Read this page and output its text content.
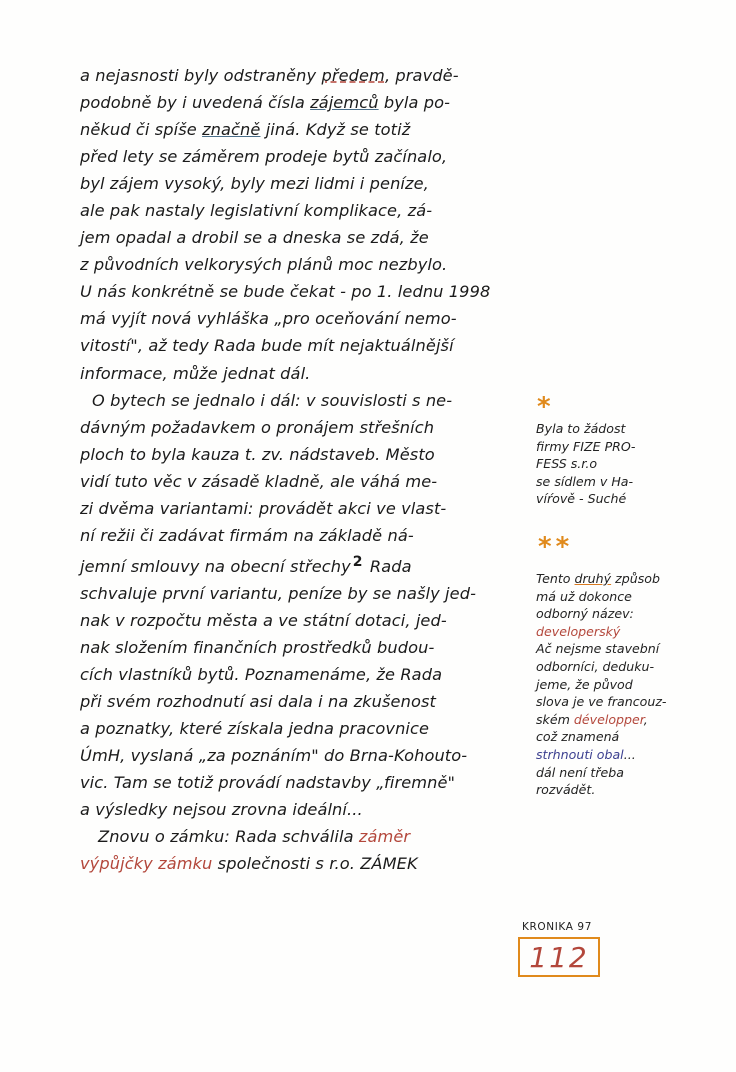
a nejasnosti byly odstraněny předem, pravdě-
podobně by i uvedená čísla zájemců byla po-
někud či spíše značně jiná. Když se totiž
před lety se záměrem prodeje bytů začínalo,
byl zájem vysoký, byly mezi lidmi i peníze,
ale pak nastaly legislativní komplikace, zá-
jem opadal a drobil se a dneska se zdá, že
z původních velkorysých plánů moc nezbylo.
U nás konkrétně se bude čekat - po 1. lednu 1998
má vyjít nová vyhláška „pro oceňování nemo-
vitostí", až tedy Rada bude mít nejaktuálnější
informace, může jednat dál.
O bytech se jednalo i dál: v souvislosti s ne-
dávným požadavkem o pronájem střešních
ploch to byla kauza t. zv. nádstaveb. Město
vidí tuto věc v zásadě kladně, ale váhá me-
zi dvěma variantami: provádět akci ve vlast-
ní režii či zadávat firmám na základě ná-
jemní smlouvy na obecní střechy 2 Rada
schvaluje první variantu, peníze by se našly jed-
nak v rozpočtu města a ve státní dotaci, jed-
nak složením finančních prostředků budou-
cích vlastníků bytů. Poznamenáme, že Rada
při svém rozhodnutí asi dala i na zkušenost
a poznatky, které získala jedna pracovnice
ÚmH, vyslaná „za poznáním" do Brna-Kohouto-
vic. Tam se totiž provádí nadstavby „firemně"
a výsledky nejsou zrovna ideální...
Znovu o zámku: Rada schválila záměr
výpůjčky zámku společnosti s r.o. ZÁMEK
*
Byla to žádost
firmy FIZE PRO-
FESS s.r.o
se sídlem v Ha-
víŕově - Suché
**
Tento druhý způsob
má už dokonce
odborný název:
developerský
Ač nejsme stavební
odborníci, deduku-
jeme, že původ
slova je ve francouz-
ském développer,
což znamená
strhnouti obal...
dál není třeba
rozvádět.
KRONIKA 97
112
